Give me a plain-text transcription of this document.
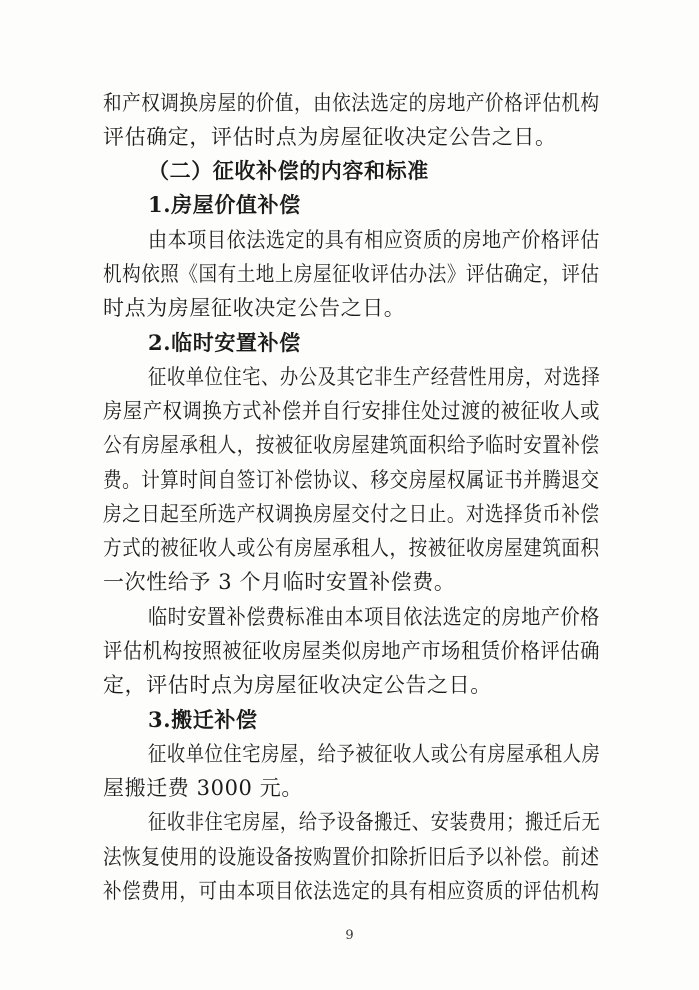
和产权调换房屋的价值，由依法选定的房地产价格评估机构
评估确定，评估时点为房屋征收决定公告之日。
（二）征收补偿的内容和标准
1.房屋价值补偿
由本项目依法选定的具有相应资质的房地产价格评估
机构依照《国有土地上房屋征收评估办法》评估确定，评估
时点为房屋征收决定公告之日。
2.临时安置补偿
征收单位住宅、办公及其它非生产经营性用房，对选择
房屋产权调换方式补偿并自行安排住处过渡的被征收人或
公有房屋承租人，按被征收房屋建筑面积给予临时安置补偿
费。计算时间自签订补偿协议、移交房屋权属证书并腾退交
房之日起至所选产权调换房屋交付之日止。对选择货币补偿
方式的被征收人或公有房屋承租人，按被征收房屋建筑面积
一次性给予 3 个月临时安置补偿费。
临时安置补偿费标准由本项目依法选定的房地产价格
评估机构按照被征收房屋类似房地产市场租赁价格评估确
定，评估时点为房屋征收决定公告之日。
3.搬迁补偿
征收单位住宅房屋，给予被征收人或公有房屋承租人房
屋搬迁费 3000 元。
征收非住宅房屋，给予设备搬迁、安装费用；搬迁后无
法恢复使用的设施设备按购置价扣除折旧后予以补偿。前述
补偿费用，可由本项目依法选定的具有相应资质的评估机构
9
